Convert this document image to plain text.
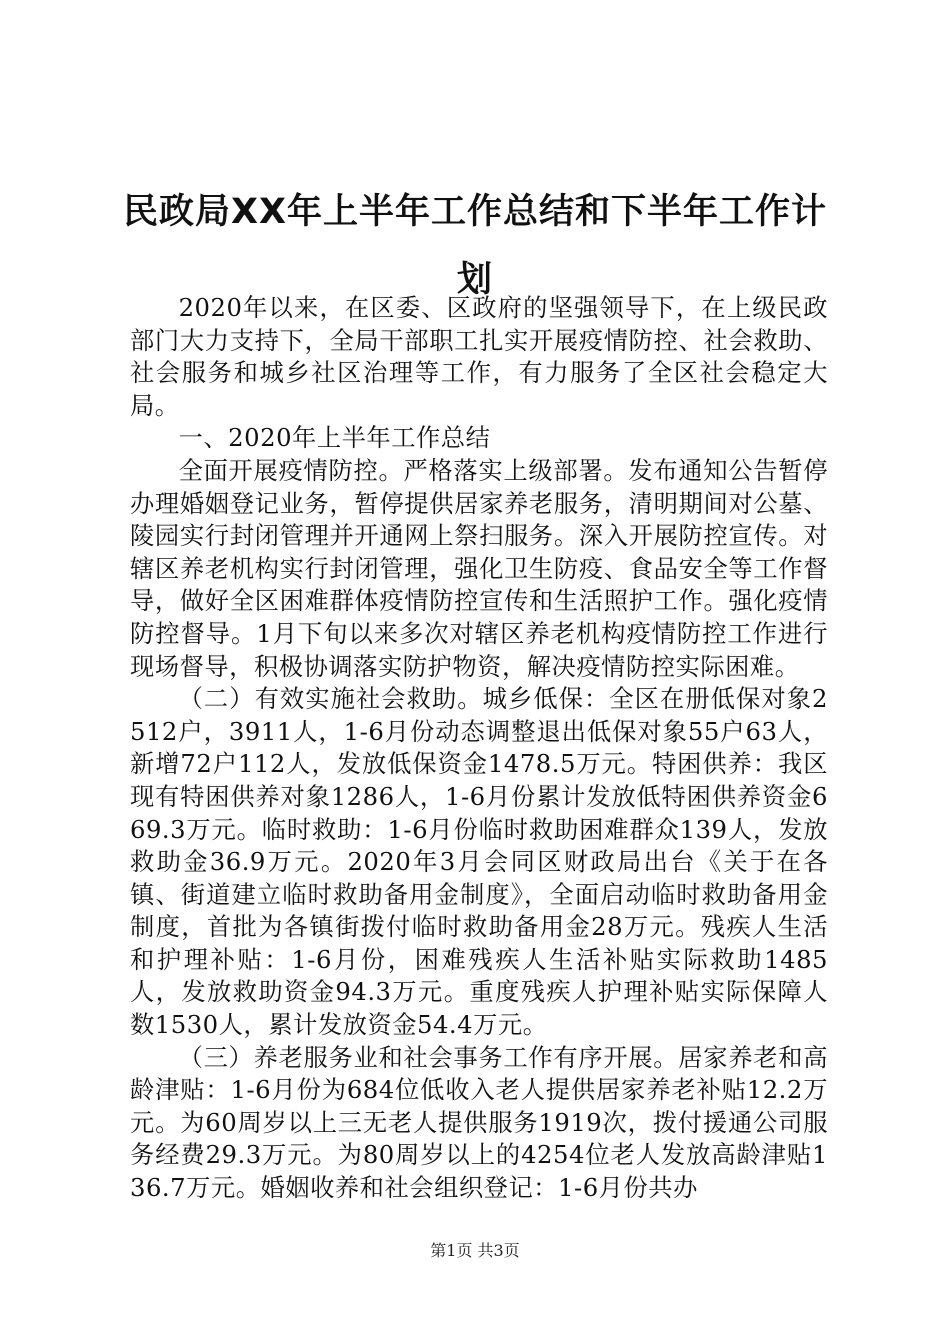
民政局XX年上半年工作总结和下半年工作计划

2020年以来，在区委、区政府的坚强领导下，在上级民政部门大力支持下，全局干部职工扎实开展疫情防控、社会救助、社会服务和城乡社区治理等工作，有力服务了全区社会稳定大局。

一、2020年上半年工作总结

全面开展疫情防控。严格落实上级部署。发布通知公告暂停办理婚姻登记业务，暂停提供居家养老服务，清明期间对公墓、陵园实行封闭管理并开通网上祭扫服务。深入开展防控宣传。对辖区养老机构实行封闭管理，强化卫生防疫、食品安全等工作督导，做好全区困难群体疫情防控宣传和生活照护工作。强化疫情防控督导。1月下旬以来多次对辖区养老机构疫情防控工作进行现场督导，积极协调落实防护物资，解决疫情防控实际困难。

（二）有效实施社会救助。城乡低保：全区在册低保对象2512户，3911人，1-6月份动态调整退出低保对象55户63人，新增72户112人，发放低保资金1478.5万元。特困供养：我区现有特困供养对象1286人，1-6月份累计发放低特困供养资金669.3万元。临时救助：1-6月份临时救助困难群众139人，发放救助金36.9万元。2020年3月会同区财政局出台《关于在各镇、街道建立临时救助备用金制度》，全面启动临时救助备用金制度，首批为各镇街拨付临时救助备用金28万元。残疾人生活和护理补贴：1-6月份，困难残疾人生活补贴实际救助1485人，发放救助资金94.3万元。重度残疾人护理补贴实际保障人数1530人，累计发放资金54.4万元。

（三）养老服务业和社会事务工作有序开展。居家养老和高龄津贴：1-6月份为684位低收入老人提供居家养老补贴12.2万元。为60周岁以上三无老人提供服务1919次，拨付援通公司服务经费29.3万元。为80周岁以上的4254位老人发放高龄津贴136.7万元。婚姻收养和社会组织登记：1-6月份共办

第1页 共3页
